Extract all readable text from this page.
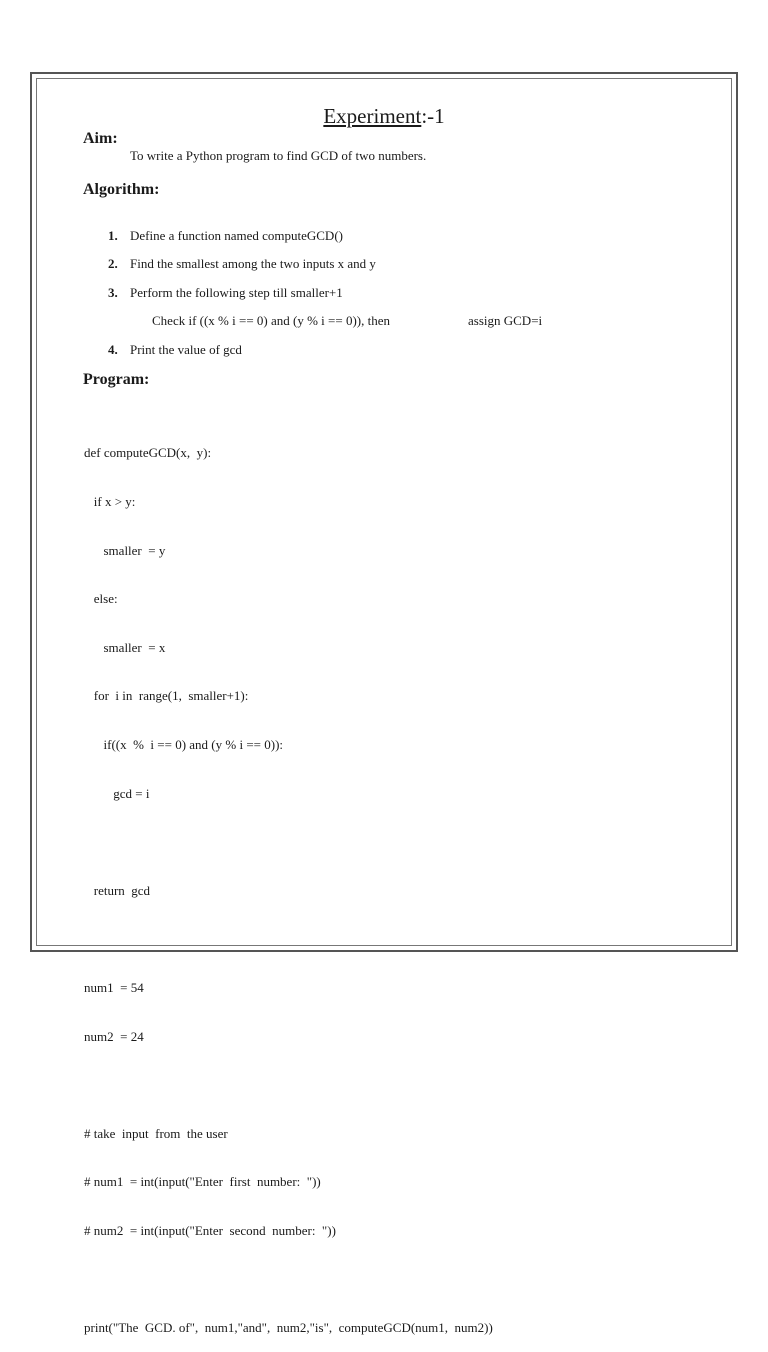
Experiment:-1
Aim:
To write a Python program to find GCD of two numbers.
Algorithm:
1. Define a function named computeGCD()
2. Find the smallest among the two inputs x and y
3. Perform the following step till smaller+1
Check if ((x % i == 0) and (y % i == 0)), then	assign GCD=i
4. Print the value of gcd
Program:

def computeGCD(x,  y):

if x > y:

smaller  = y

else:

smaller  = x

for  i in  range(1,  smaller+1):

if((x  %  i == 0) and (y % i == 0)):

gcd = i

return  gcd

num1  = 54

num2  = 24

# take  input  from  the user

# num1  = int(input("Enter  first  number:  "))

# num2  = int(input("Enter  second  number:  "))

print("The  GCD. of",  num1,"and",  num2,"is",  computeGCD(num1,  num2))
